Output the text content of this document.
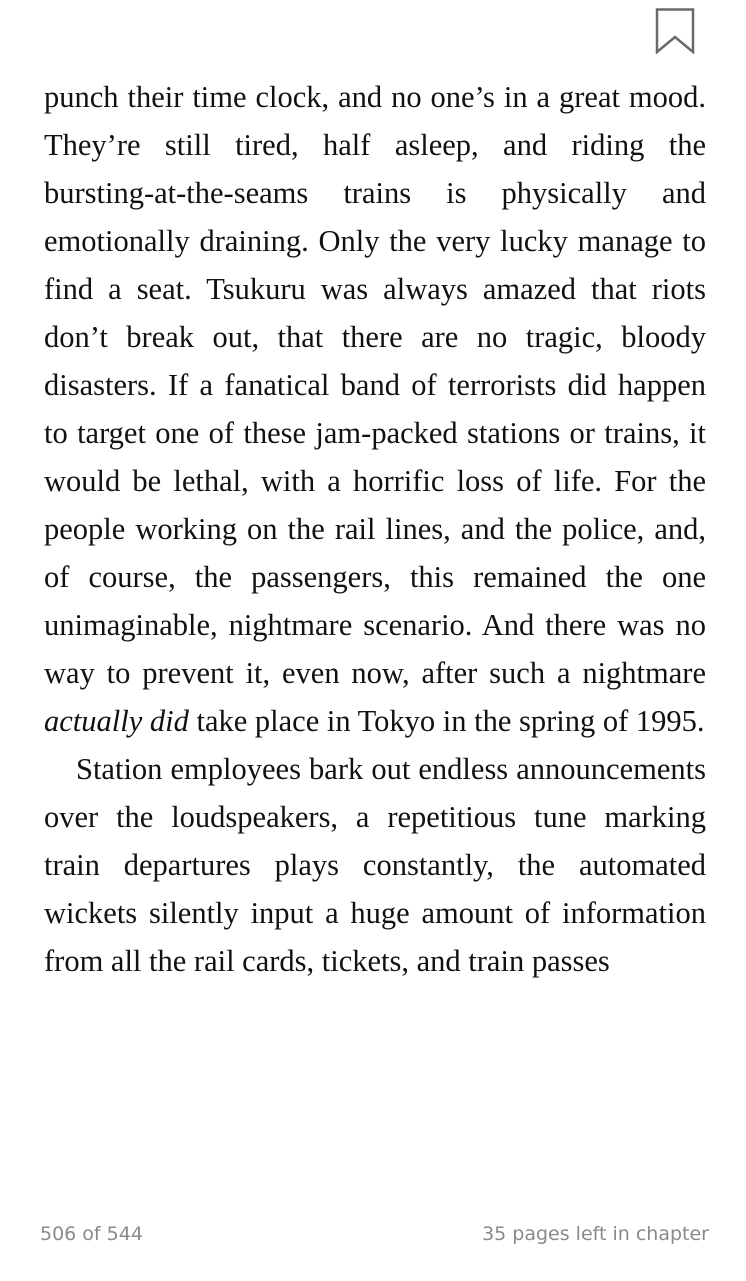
punch their time clock, and no one’s in a great mood. They’re still tired, half asleep, and riding the bursting-at-the-seams trains is physically and emotionally draining. Only the very lucky manage to find a seat. Tsukuru was always amazed that riots don’t break out, that there are no tragic, bloody disasters. If a fanatical band of terrorists did happen to target one of these jam-packed stations or trains, it would be lethal, with a horrific loss of life. For the people working on the rail lines, and the police, and, of course, the passengers, this remained the one unimaginable, nightmare scenario. And there was no way to prevent it, even now, after such a nightmare actually did take place in Tokyo in the spring of 1995.

Station employees bark out endless announcements over the loudspeakers, a repetitious tune marking train departures plays constantly, the automated wickets silently input a huge amount of information from all the rail cards, tickets, and train passes

506 of 544	35 pages left in chapter
